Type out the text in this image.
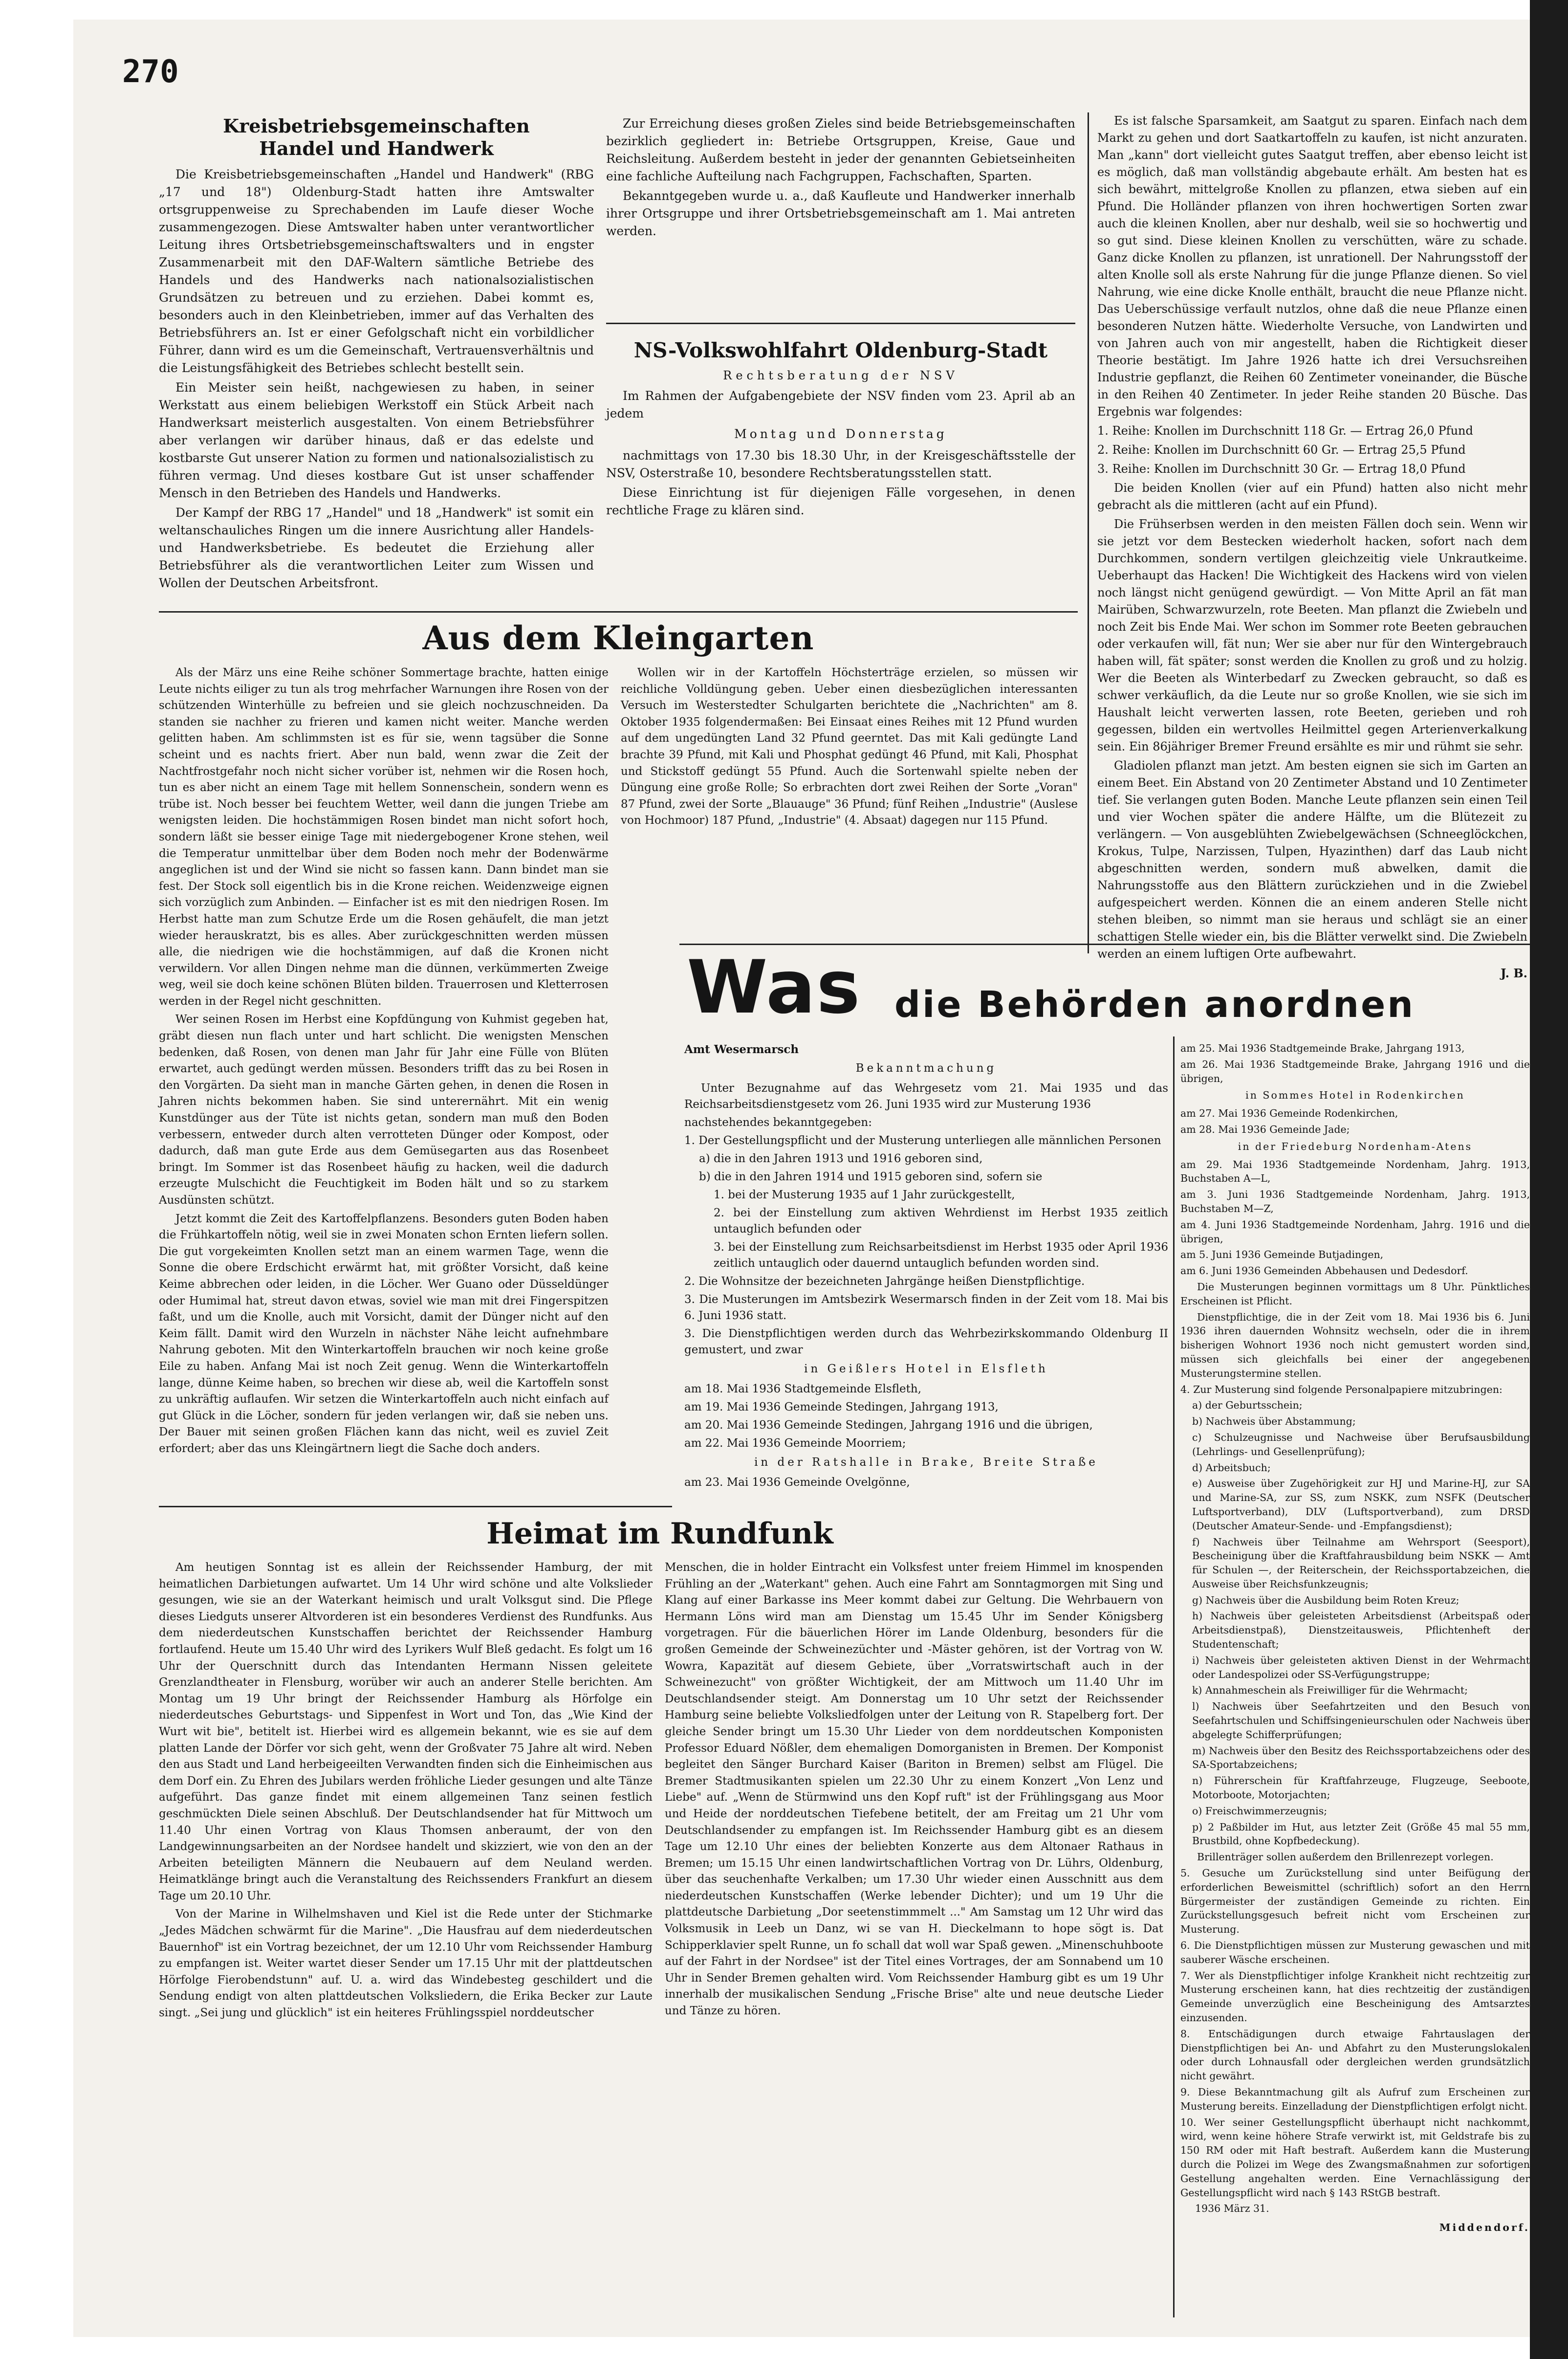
270
Kreisbetriebsgemeinschaften
Handel und Handwerk

Die Kreisbetriebsgemeinschaften „Handel und Handwerk" (RBG „17 und 18") Oldenburg-Stadt hatten ihre Amtswalter ortsgruppenweise zu Sprechabenden im Laufe dieser Woche zusammengezogen. Diese Amtswalter haben unter verantwortlicher Leitung ihres Ortsbetriebsgemeinschaftswalters und in engster Zusammenarbeit mit den DAF-Waltern sämtliche Betriebe des Handels und des Handwerks nach nationalsozialistischen Grundsätzen zu betreuen und zu erziehen. Dabei kommt es, besonders auch in den Kleinbetrieben, immer auf das Verhalten des Betriebsführers an. Ist er einer Gefolgschaft nicht ein vorbildlicher Führer, dann wird es um die Gemeinschaft, Vertrauensverhältnis und die Leistungsfähigkeit des Betriebes schlecht bestellt sein.

Ein Meister sein heißt, nachgewiesen zu haben, in seiner Werkstatt aus einem beliebigen Werkstoff ein Stück Arbeit nach Handwerksart meisterlich ausgestalten. Von einem Betriebsführer aber verlangen wir darüber hinaus, daß er das edelste und kostbarste Gut unserer Nation zu formen und nationalsozialistisch zu führen vermag. Und dieses kostbare Gut ist unser schaffender Mensch in den Betrieben des Handels und Handwerks.

Der Kampf der RBG 17 „Handel" und 18 „Handwerk" ist somit ein weltanschauliches Ringen um die innere Ausrichtung aller Handels- und Handwerksbetriebe. Es bedeutet die Erziehung aller Betriebsführer als die verantwortlichen Leiter zum Wissen und Wollen der Deutschen Arbeitsfront.

Zur Erreichung dieses großen Zieles sind beide Betriebsgemeinschaften bezirklich gegliedert in: Betriebe Ortsgruppen, Kreise, Gaue und Reichsleitung. Außerdem besteht in jeder der genannten Gebietseinheiten eine fachliche Aufteilung nach Fachgruppen, Fachschaften, Sparten.

Bekanntgegeben wurde u. a., daß Kaufleute und Handwerker innerhalb ihrer Ortsgruppe und ihrer Ortsbetriebsgemeinschaft am 1. Mai antreten werden.

NS-Volkswohlfahrt Oldenburg-Stadt
Rechtsberatung der NSV

Im Rahmen der Aufgabengebiete der NSV finden vom 23. April ab an jedem

Montag und Donnerstag

nachmittags von 17.30 bis 18.30 Uhr, in der Kreisgeschäftsstelle der NSV, Osterstraße 10, besondere Rechtsberatungsstellen statt.

Diese Einrichtung ist für diejenigen Fälle vorgesehen, in denen rechtliche Frage zu klären sind.

Es ist falsche Sparsamkeit, am Saatgut zu sparen. Einfach nach dem Markt zu gehen und dort Saatkartoffeln zu kaufen, ist nicht anzuraten. Man „kann" dort vielleicht gutes Saatgut treffen, aber ebenso leicht ist es möglich, daß man vollständig abgebaute erhält. Am besten hat es sich bewährt, mittelgroße Knollen zu pflanzen, etwa sieben auf ein Pfund. Die Holländer pflanzen von ihren hochwertigen Sorten zwar auch die kleinen Knollen, aber nur deshalb, weil sie so hochwertig und so gut sind. Diese kleinen Knollen zu verschütten, wäre zu schade. Ganz dicke Knollen zu pflanzen, ist unrationell. Der Nahrungsstoff der alten Knolle soll als erste Nahrung für die junge Pflanze dienen. So viel Nahrung, wie eine dicke Knolle enthält, braucht die neue Pflanze nicht. Das Ueberschüssige verfault nutzlos, ohne daß die neue Pflanze einen besonderen Nutzen hätte. Wiederholte Versuche, von Landwirten und von Jahren auch von mir angestellt, haben die Richtigkeit dieser Theorie bestätigt. Im Jahre 1926 hatte ich drei Versuchsreihen Industrie gepflanzt, die Reihen 60 Zentimeter voneinander, die Büsche in den Reihen 40 Zentimeter. In jeder Reihe standen 20 Büsche. Das Ergebnis war folgendes:

1. Reihe: Knollen im Durchschnitt 118 Gr. — Ertrag 26,0 Pfund

2. Reihe: Knollen im Durchschnitt 60 Gr. — Ertrag 25,5 Pfund

3. Reihe: Knollen im Durchschnitt 30 Gr. — Ertrag 18,0 Pfund

Die beiden Knollen (vier auf ein Pfund) hatten also nicht mehr gebracht als die mittleren (acht auf ein Pfund).

Die Frühserbsen werden in den meisten Fällen doch sein. Wenn wir sie jetzt vor dem Bestecken wiederholt hacken, sofort nach dem Durchkommen, sondern vertilgen gleichzeitig viele Unkrautkeime. Ueberhaupt das Hacken! Die Wichtigkeit des Hackens wird von vielen noch längst nicht genügend gewürdigt. — Von Mitte April an fät man Mairüben, Schwarzwurzeln, rote Beeten. Man pflanzt die Zwiebeln und noch Zeit bis Ende Mai. Wer schon im Sommer rote Beeten gebrauchen oder verkaufen will, fät nun; Wer sie aber nur für den Wintergebrauch haben will, fät später; sonst werden die Knollen zu groß und zu holzig. Wer die Beeten als Winterbedarf zu Zwecken gebraucht, so daß es schwer verkäuflich, da die Leute nur so große Knollen, wie sie sich im Haushalt leicht verwerten lassen, rote Beeten, gerieben und roh gegessen, bilden ein wertvolles Heilmittel gegen Arterienverkalkung sein. Ein 86jähriger Bremer Freund ersählte es mir und rühmt sie sehr.

Gladiolen pflanzt man jetzt. Am besten eignen sie sich im Garten an einem Beet. Ein Abstand von 20 Zentimeter Abstand und 10 Zentimeter tief. Sie verlangen guten Boden. Manche Leute pflanzen sein einen Teil und vier Wochen später die andere Hälfte, um die Blütezeit zu verlängern. — Von ausgeblühten Zwiebelgewächsen (Schneeglöckchen, Krokus, Tulpe, Narzissen, Tulpen, Hyazinthen) darf das Laub nicht abgeschnitten werden, sondern muß abwelken, damit die Nahrungsstoffe aus den Blättern zurückziehen und in die Zwiebel aufgespeichert werden. Können die an einem anderen Stelle nicht stehen bleiben, so nimmt man sie heraus und schlägt sie an einer schattigen Stelle wieder ein, bis die Blätter verwelkt sind. Die Zwiebeln werden an einem luftigen Orte aufbewahrt.

J. B.
Aus dem Kleingarten

Als der März uns eine Reihe schöner Sommertage brachte, hatten einige Leute nichts eiliger zu tun als trog mehrfacher Warnungen ihre Rosen von der schützenden Winterhülle zu befreien und sie gleich nochzuschneiden. Da standen sie nachher zu frieren und kamen nicht weiter. Manche werden gelitten haben. Am schlimmsten ist es für sie, wenn tagsüber die Sonne scheint und es nachts friert. Aber nun bald, wenn zwar die Zeit der Nachtfrostgefahr noch nicht sicher vorüber ist, nehmen wir die Rosen hoch, tun es aber nicht an einem Tage mit hellem Sonnenschein, sondern wenn es trübe ist. Noch besser bei feuchtem Wetter, weil dann die jungen Triebe am wenigsten leiden. Die hochstämmigen Rosen bindet man nicht sofort hoch, sondern läßt sie besser einige Tage mit niedergebogener Krone stehen, weil die Temperatur unmittelbar über dem Boden noch mehr der Bodenwärme angeglichen ist und der Wind sie nicht so fassen kann. Dann bindet man sie fest. Der Stock soll eigentlich bis in die Krone reichen. Weidenzweige eignen sich vorzüglich zum Anbinden. — Einfacher ist es mit den niedrigen Rosen. Im Herbst hatte man zum Schutze Erde um die Rosen gehäufelt, die man jetzt wieder herauskratzt, bis es alles. Aber zurückgeschnitten werden müssen alle, die niedrigen wie die hochstämmigen, auf daß die Kronen nicht verwildern. Vor allen Dingen nehme man die dünnen, verkümmerten Zweige weg, weil sie doch keine schönen Blüten bilden. Trauerrosen und Kletterrosen werden in der Regel nicht geschnitten.

Wer seinen Rosen im Herbst eine Kopfdüngung von Kuhmist gegeben hat, gräbt diesen nun flach unter und hart schlicht. Die wenigsten Menschen bedenken, daß Rosen, von denen man Jahr für Jahr eine Fülle von Blüten erwartet, auch gedüngt werden müssen. Besonders trifft das zu bei Rosen in den Vorgärten. Da sieht man in manche Gärten gehen, in denen die Rosen in Jahren nichts bekommen haben. Sie sind unterernährt. Mit ein wenig Kunstdünger aus der Tüte ist nichts getan, sondern man muß den Boden verbessern, entweder durch alten verrotteten Dünger oder Kompost, oder dadurch, daß man gute Erde aus dem Gemüsegarten aus das Rosenbeet bringt. Im Sommer ist das Rosenbeet häufig zu hacken, weil die dadurch erzeugte Mulschicht die Feuchtigkeit im Boden hält und so zu starkem Ausdünsten schützt.

Jetzt kommt die Zeit des Kartoffelpflanzens. Besonders guten Boden haben die Frühkartoffeln nötig, weil sie in zwei Monaten schon Ernten liefern sollen. Die gut vorgekeimten Knollen setzt man an einem warmen Tage, wenn die Sonne die obere Erdschicht erwärmt hat, mit größter Vorsicht, daß keine Keime abbrechen oder leiden, in die Löcher. Wer Guano oder Düsseldünger oder Humimal hat, streut davon etwas, soviel wie man mit drei Fingerspitzen faßt, und um die Knolle, auch mit Vorsicht, damit der Dünger nicht auf den Keim fällt. Damit wird den Wurzeln in nächster Nähe leicht aufnehmbare Nahrung geboten. Mit den Winterkartoffeln brauchen wir noch keine große Eile zu haben. Anfang Mai ist noch Zeit genug. Wenn die Winterkartoffeln lange, dünne Keime haben, so brechen wir diese ab, weil die Kartoffeln sonst zu unkräftig auflaufen. Wir setzen die Winterkartoffeln auch nicht einfach auf gut Glück in die Löcher, sondern für jeden verlangen wir, daß sie neben uns. Der Bauer mit seinen großen Flächen kann das nicht, weil es zuviel Zeit erfordert; aber das uns Kleingärtnern liegt die Sache doch anders.

Wollen wir in der Kartoffeln Höchsterträge erzielen, so müssen wir reichliche Volldüngung geben. Ueber einen diesbezüglichen interessanten Versuch im Westerstedter Schulgarten berichtete die „Nachrichten" am 8. Oktober 1935 folgendermaßen: Bei Einsaat eines Reihes mit 12 Pfund wurden auf dem ungedüngten Land 32 Pfund geerntet. Das mit Kali gedüngte Land brachte 39 Pfund, mit Kali und Phosphat gedüngt 46 Pfund, mit Kali, Phosphat und Stickstoff gedüngt 55 Pfund. Auch die Sortenwahl spielte neben der Düngung eine große Rolle; So erbrachten dort zwei Reihen der Sorte „Voran" 87 Pfund, zwei der Sorte „Blauauge" 36 Pfund; fünf Reihen „Industrie" (Auslese von Hochmoor) 187 Pfund, „Industrie" (4. Absaat) dagegen nur 115 Pfund.

Was die Behörden anordnen

Amt Wesermarsch

Bekanntmachung

Unter Bezugnahme auf das Wehrgesetz vom 21. Mai 1935 und das Reichsarbeitsdienstgesetz vom 26. Juni 1935 wird zur Musterung 1936

nachstehendes bekanntgegeben:

1. Der Gestellungspflicht und der Musterung unterliegen alle männlichen Personen

a) die in den Jahren 1913 und 1916 geboren sind,

b) die in den Jahren 1914 und 1915 geboren sind, sofern sie

1. bei der Musterung 1935 auf 1 Jahr zurückgestellt,

2. bei der Einstellung zum aktiven Wehrdienst im Herbst 1935 zeitlich untauglich befunden oder

3. bei der Einstellung zum Reichsarbeitsdienst im Herbst 1935 oder April 1936 zeitlich untauglich oder dauernd untauglich befunden worden sind.

2. Die Wohnsitze der bezeichneten Jahrgänge heißen Dienstpflichtige.

3. Die Musterungen im Amtsbezirk Wesermarsch finden in der Zeit vom 18. Mai bis 6. Juni 1936 statt.

3. Die Dienstpflichtigen werden durch das Wehrbezirkskommando Oldenburg II gemustert, und zwar

in Geißlers Hotel in Elsfleth

am 18. Mai 1936 Stadtgemeinde Elsfleth,

am 19. Mai 1936 Gemeinde Stedingen, Jahrgang 1913,

am 20. Mai 1936 Gemeinde Stedingen, Jahrgang 1916 und die übrigen,

am 22. Mai 1936 Gemeinde Moorriem;

in der Ratshalle in Brake, Breite Straße

am 23. Mai 1936 Gemeinde Ovelgönne,

am 25. Mai 1936 Stadtgemeinde Brake, Jahrgang 1913,

am 26. Mai 1936 Stadtgemeinde Brake, Jahrgang 1916 und die übrigen,

in Sommes Hotel in Rodenkirchen

am 27. Mai 1936 Gemeinde Rodenkirchen,

am 28. Mai 1936 Gemeinde Jade;

in der Friedeburg Nordenham-Atens

am 29. Mai 1936 Stadtgemeinde Nordenham, Jahrg. 1913, Buchstaben A—L,

am 3. Juni 1936 Stadtgemeinde Nordenham, Jahrg. 1913, Buchstaben M—Z,

am 4. Juni 1936 Stadtgemeinde Nordenham, Jahrg. 1916 und die übrigen,

am 5. Juni 1936 Gemeinde Butjadingen,

am 6. Juni 1936 Gemeinden Abbehausen und Dedesdorf.

Die Musterungen beginnen vormittags um 8 Uhr. Pünktliches Erscheinen ist Pflicht.

Dienstpflichtige, die in der Zeit vom 18. Mai 1936 bis 6. Juni 1936 ihren dauernden Wohnsitz wechseln, oder die in ihrem bisherigen Wohnort 1936 noch nicht gemustert worden sind, müssen sich gleichfalls bei einer der angegebenen Musterungstermine stellen.

4. Zur Musterung sind folgende Personalpapiere mitzubringen:

a) der Geburtsschein;

b) Nachweis über Abstammung;

c) Schulzeugnisse und Nachweise über Berufsausbildung (Lehrlings- und Gesellenprüfung);

d) Arbeitsbuch;

e) Ausweise über Zugehörigkeit zur HJ und Marine-HJ, zur SA und Marine-SA, zur SS, zum NSKK, zum NSFK (Deutscher Luftsportverband), DLV (Luftsportverband), zum DRSD (Deutscher Amateur-Sende- und -Empfangsdienst);

f) Nachweis über Teilnahme am Wehrsport (Seesport), Bescheinigung über die Kraftfahrausbildung beim NSKK — Amt für Schulen —, der Reiterschein, der Reichssportabzeichen, die Ausweise über Reichsfunkzeugnis;

g) Nachweis über die Ausbildung beim Roten Kreuz;

h) Nachweis über geleisteten Arbeitsdienst (Arbeitspaß oder Arbeitsdienstpaß), Dienstzeitausweis, Pflichtenheft der Studentenschaft;

i) Nachweis über geleisteten aktiven Dienst in der Wehrmacht oder Landespolizei oder SS-Verfügungstruppe;

k) Annahmeschein als Freiwilliger für die Wehrmacht;

l) Nachweis über Seefahrtzeiten und den Besuch von Seefahrtschulen und Schiffsingenieurschulen oder Nachweis über abgelegte Schifferprüfungen;

m) Nachweis über den Besitz des Reichssportabzeichens oder des SA-Sportabzeichens;

n) Führerschein für Kraftfahrzeuge, Flugzeuge, Seeboote, Motorboote, Motorjachten;

o) Freischwimmerzeugnis;

p) 2 Paßbilder im Hut, aus letzter Zeit (Größe 45 mal 55 mm, Brustbild, ohne Kopfbedeckung).

Brillenträger sollen außerdem den Brillenrezept vorlegen.

5. Gesuche um Zurückstellung sind unter Beifügung der erforderlichen Beweismittel (schriftlich) sofort an den Herrn Bürgermeister der zuständigen Gemeinde zu richten. Ein Zurückstellungsgesuch befreit nicht vom Erscheinen zur Musterung.

6. Die Dienstpflichtigen müssen zur Musterung gewaschen und mit sauberer Wäsche erscheinen.

7. Wer als Dienstpflichtiger infolge Krankheit nicht rechtzeitig zur Musterung erscheinen kann, hat dies rechtzeitig der zuständigen Gemeinde unverzüglich eine Bescheinigung des Amtsarztes einzusenden.

8. Entschädigungen durch etwaige Fahrtauslagen der Dienstpflichtigen bei An- und Abfahrt zu den Musterungslokalen oder durch Lohnausfall oder dergleichen werden grundsätzlich nicht gewährt.

9. Diese Bekanntmachung gilt als Aufruf zum Erscheinen zur Musterung bereits. Einzelladung der Dienstpflichtigen erfolgt nicht.

10. Wer seiner Gestellungspflicht überhaupt nicht nachkommt, wird, wenn keine höhere Strafe verwirkt ist, mit Geldstrafe bis zu 150 RM oder mit Haft bestraft. Außerdem kann die Musterung durch die Polizei im Wege des Zwangsmaßnahmen zur sofortigen Gestellung angehalten werden. Eine Vernachlässigung der Gestellungspflicht wird nach § 143 RStGB bestraft.

1936 März 31.

Middendorf.
Heimat im Rundfunk

Am heutigen Sonntag ist es allein der Reichssender Hamburg, der mit heimatlichen Darbietungen aufwartet. Um 14 Uhr wird schöne und alte Volkslieder gesungen, wie sie an der Waterkant heimisch und uralt Volksgut sind. Die Pflege dieses Liedguts unserer Altvorderen ist ein besonderes Verdienst des Rundfunks. Aus dem niederdeutschen Kunstschaffen berichtet der Reichssender Hamburg fortlaufend. Heute um 15.40 Uhr wird des Lyrikers Wulf Bleß gedacht. Es folgt um 16 Uhr der Querschnitt durch das Intendanten Hermann Nissen geleitete Grenzlandtheater in Flensburg, worüber wir auch an anderer Stelle berichten. Am Montag um 19 Uhr bringt der Reichssender Hamburg als Hörfolge ein niederdeutsches Geburtstags- und Sippenfest in Wort und Ton, das „Wie Kind der Wurt wit bie", betitelt ist. Hierbei wird es allgemein bekannt, wie es sie auf dem platten Lande der Dörfer vor sich geht, wenn der Großvater 75 Jahre alt wird. Neben den aus Stadt und Land herbeigeeilten Verwandten finden sich die Einheimischen aus dem Dorf ein. Zu Ehren des Jubilars werden fröhliche Lieder gesungen und alte Tänze aufgeführt. Das ganze findet mit einem allgemeinen Tanz seinen festlich geschmückten Diele seinen Abschluß. Der Deutschlandsender hat für Mittwoch um 11.40 Uhr einen Vortrag von Klaus Thomsen anberaumt, der von den Landgewinnungsarbeiten an der Nordsee handelt und skizziert, wie von den an der Arbeiten beteiligten Männern die Neubauern auf dem Neuland werden. Heimatklänge bringt auch die Veranstaltung des Reichssenders Frankfurt an diesem Tage um 20.10 Uhr.

Von der Marine in Wilhelmshaven und Kiel ist die Rede unter der Stichmarke „Jedes Mädchen schwärmt für die Marine". „Die Hausfrau auf dem niederdeutschen Bauernhof" ist ein Vortrag bezeichnet, der um 12.10 Uhr vom Reichssender Hamburg zu empfangen ist. Weiter wartet dieser Sender um 17.15 Uhr mit der plattdeutschen Hörfolge Fierobendstunn" auf. U. a. wird das Windebesteg geschildert und die Sendung endigt von alten plattdeutschen Volksliedern, die Erika Becker zur Laute singt. „Sei jung und glücklich" ist ein heiteres Frühlingsspiel norddeutscher

Menschen, die in holder Eintracht ein Volksfest unter freiem Himmel im knospenden Frühling an der „Waterkant" gehen. Auch eine Fahrt am Sonntagmorgen mit Sing und Klang auf einer Barkasse ins Meer kommt dabei zur Geltung. Die Wehrbauern von Hermann Löns wird man am Dienstag um 15.45 Uhr im Sender Königsberg vorgetragen. Für die bäuerlichen Hörer im Lande Oldenburg, besonders für die großen Gemeinde der Schweinezüchter und -Mäster gehören, ist der Vortrag von W. Wowra, Kapazität auf diesem Gebiete, über „Vorratswirtschaft auch in der Schweinezucht" von größter Wichtigkeit, der am Mittwoch um 11.40 Uhr im Deutschlandsender steigt. Am Donnerstag um 10 Uhr setzt der Reichssender Hamburg seine beliebte Volksliedfolgen unter der Leitung von R. Stapelberg fort. Der gleiche Sender bringt um 15.30 Uhr Lieder von dem norddeutschen Komponisten Professor Eduard Nößler, dem ehemaligen Domorganisten in Bremen. Der Komponist begleitet den Sänger Burchard Kaiser (Bariton in Bremen) selbst am Flügel. Die Bremer Stadtmusikanten spielen um 22.30 Uhr zu einem Konzert „Von Lenz und Liebe" auf. „Wenn de Stürmwind uns den Kopf ruft" ist der Frühlingsgang aus Moor und Heide der norddeutschen Tiefebene betitelt, der am Freitag um 21 Uhr vom Deutschlandsender zu empfangen ist. Im Reichssender Hamburg gibt es an diesem Tage um 12.10 Uhr eines der beliebten Konzerte aus dem Altonaer Rathaus in Bremen; um 15.15 Uhr einen landwirtschaftlichen Vortrag von Dr. Lührs, Oldenburg, über das seuchenhafte Verkalben; um 17.30 Uhr wieder einen Ausschnitt aus dem niederdeutschen Kunstschaffen (Werke lebender Dichter); und um 19 Uhr die plattdeutsche Darbietung „Dor seetenstimmmelt ..." Am Samstag um 12 Uhr wird das Volksmusik in Leeb un Danz, wi se van H. Dieckelmann to hope sögt is. Dat Schipperklavier spelt Runne, un fo schall dat woll war Spaß gewen. „Minenschuhboote auf der Fahrt in der Nordsee" ist der Titel eines Vortrages, der am Sonnabend um 10 Uhr in Sender Bremen gehalten wird. Vom Reichssender Hamburg gibt es um 19 Uhr innerhalb der musikalischen Sendung „Frische Brise" alte und neue deutsche Lieder und Tänze zu hören.
